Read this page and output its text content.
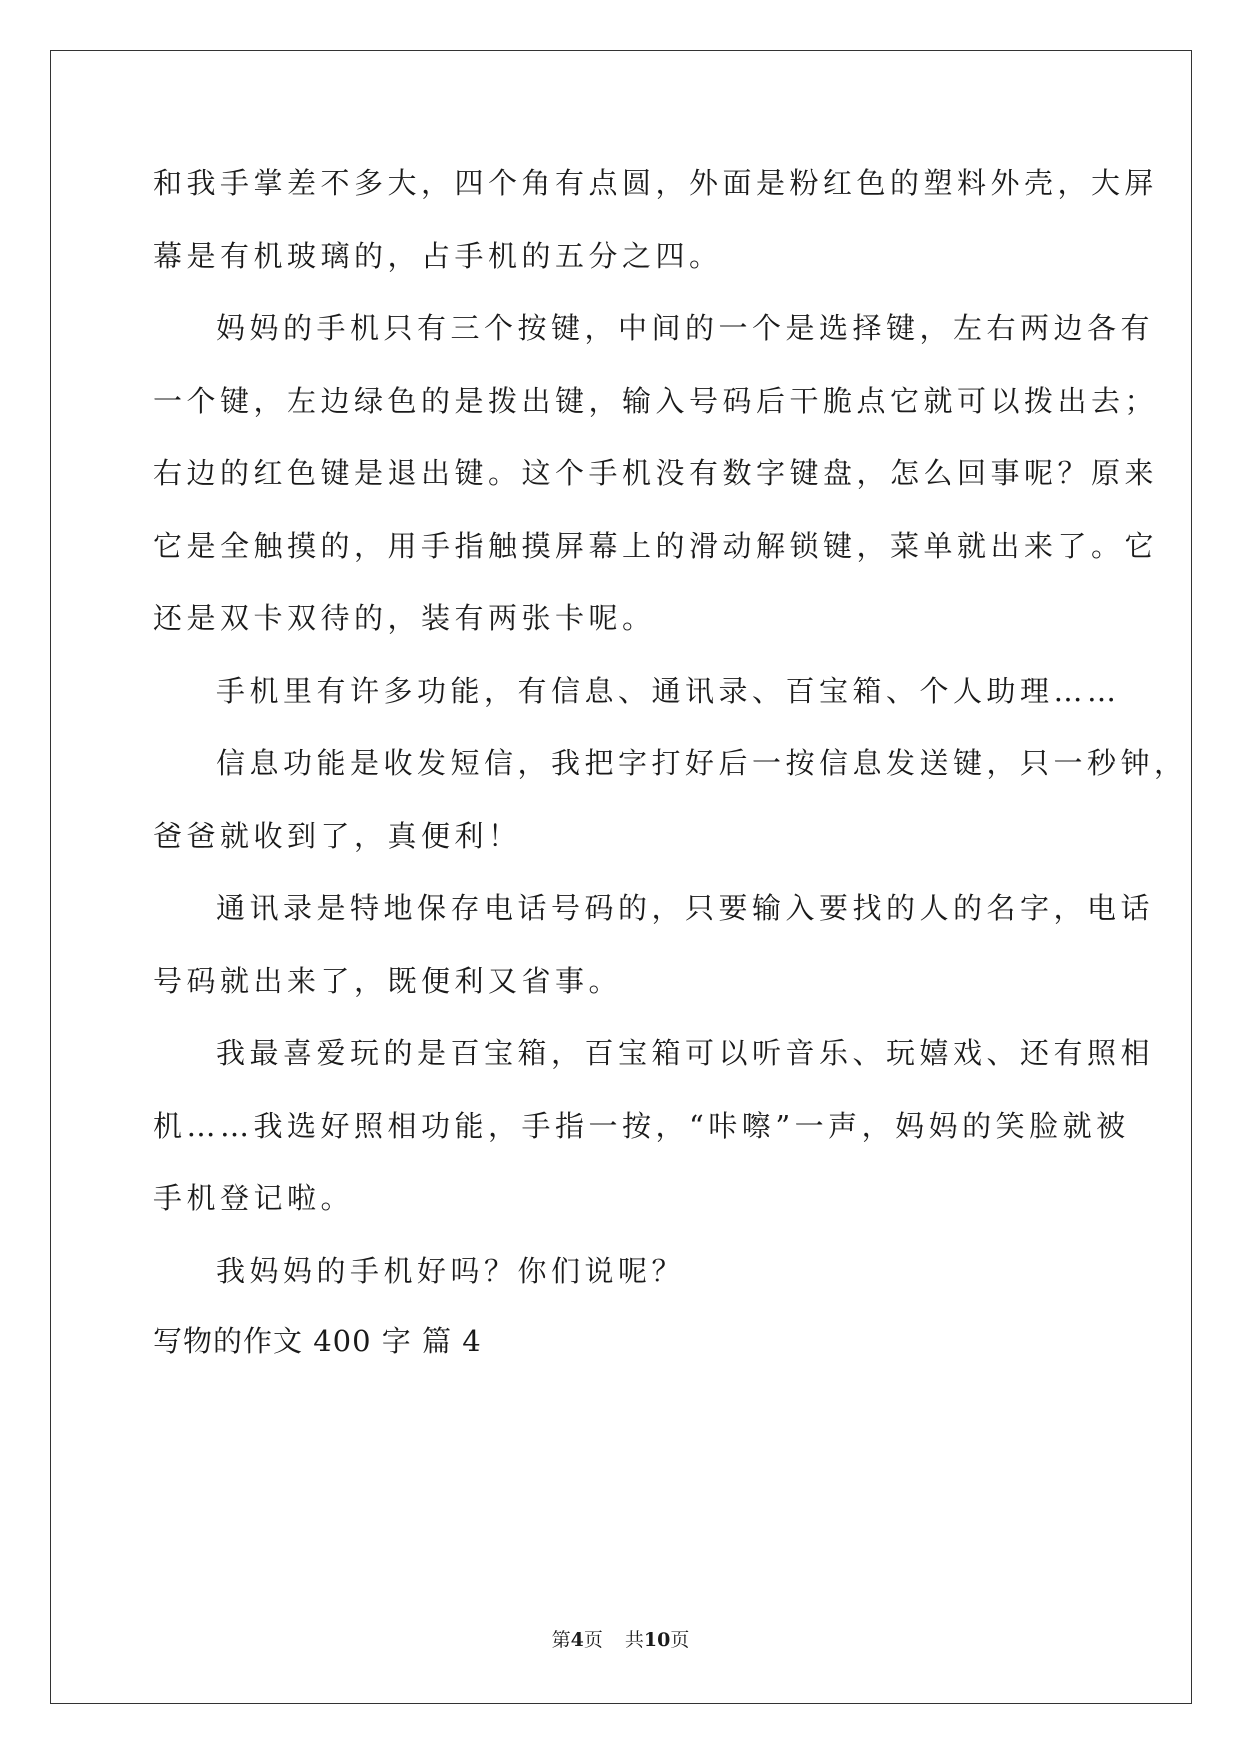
和我手掌差不多大，四个角有点圆，外面是粉红色的塑料外壳，大屏
幕是有机玻璃的，占手机的五分之四。
妈妈的手机只有三个按键，中间的一个是选择键，左右两边各有
一个键，左边绿色的是拨出键，输入号码后干脆点它就可以拨出去；
右边的红色键是退出键。这个手机没有数字键盘，怎么回事呢？原来
它是全触摸的，用手指触摸屏幕上的滑动解锁键，菜单就出来了。它
还是双卡双待的，装有两张卡呢。
手机里有许多功能，有信息、通讯录、百宝箱、个人助理……
信息功能是收发短信，我把字打好后一按信息发送键，只一秒钟，
爸爸就收到了，真便利！
通讯录是特地保存电话号码的，只要输入要找的人的名字，电话
号码就出来了，既便利又省事。
我最喜爱玩的是百宝箱，百宝箱可以听音乐、玩嬉戏、还有照相
机……我选好照相功能，手指一按，“咔嚓”一声，妈妈的笑脸就被
手机登记啦。
我妈妈的手机好吗？你们说呢？
写物的作文 400 字 篇 4
第4页 共10页
